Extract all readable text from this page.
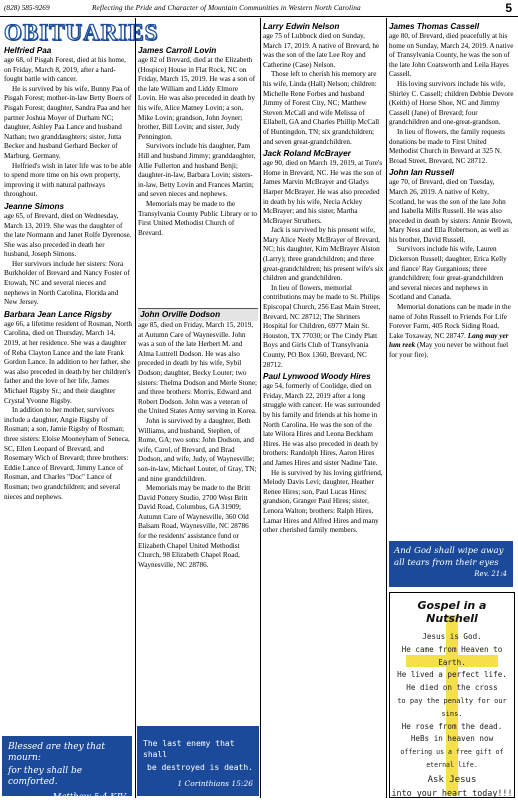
(828) 585-9269	Reflecting the Pride and Character of Mountain Communities in Western North Carolina	5
OBITUARIES
Helfried Paa

age 68, of Pisgah Forest, died at his home, on Friday, March 8, 2019, after a hard-fought battle with cancer.

He is survived by his wife, Bunny Paa of Pisgah Forest; mother-in-law Betty Boers of Pisgah Forest; daughter, Sandra Paa and her partner Joshua Moyer of Durham NC; daughter, Ashley Paa Lance and husband Nathan; two granddaughters; sister, Jutta Becker and husband Gerhard Becker of Marburg, Germany.

Helfried's wish in later life was to be able to spend more time on his own property, improving it with natural pathways throughout.

Jeanne Simons

age 65, of Brevard, died on Wednesday, March 13, 2019. She was the daughter of the late Normann and Janet Rolfe Dyrenose. She was also preceded in death her husband, Joseph Simons.

Her survivors include her sisters: Nora Burkholder of Brevard and Nancy Foster of Etowah, NC and several nieces and nephews in North Carolina, Florida and New Jersey.

Barbara Jean Lance Rigsby

age 66, a lifetime resident of Rosman, North Carolina, died on Thursday, March 14, 2019, at her residence. She was a daughter of Reba Clayton Lance and the late Frank Gordon Lance. In addition to her father, she was also preceded in death by her children's father and the love of her life, James Michael Rigsby Sr.; and their daughter Crystal Yvonne Rigsby.

In addition to her mother, survivors include a daughter, Angie Rigsby of Rosman; a son, Jamie Rigsby of Rosman; three sisters: Eloise Mooneyham of Seneca, SC, Ellen Leopard of Brevard, and Rosemary Wich of Brevard; three brothers: Eddie Lance of Brevard, Jimmy Lance of Rosman, and Charles "Doc" Lance of Rosman; two grandchildren; and several nieces and nephews.

Blessed are they that mourn:
for they shall be comforted.
Matthew 5:4 KJV
James Carroll Lovin

age 82 of Brevard, died at the Elizabeth (Hospice) House in Flat Rock, NC on Friday, March 15, 2019. He was a son of the late William and Liddy Elmore Lovin. He was also preceded in death by his wife, Alice Matney Lovin; a son, Mike Lovin; grandson, John Joyner; brother, Bill Lovin; and sister, Judy Pennington.

Survivors include his daughter, Pam Hill and husband Jimmy; granddaughter, Allie Fullerton and husband Benji; daughter-in-law, Barbara Lovin; sisters-in-law, Betty Lovin and Frances Martin; and seven nieces and nephews.

Memorials may be made to the Transylvania County Public Library or to First United Methodist Church of Brevard.

John Orville Dodson

age 85, died on Friday, March 15, 2019, at Autumn Care of Waynesville. John was a son of the late Herbert M. and Alma Luttrell Dodson. He was also preceded in death by his wife, Sybil Dodson; daughter, Becky Louter; two sisters: Thelma Dodson and Merle Stone; and three brothers: Morris, Edward and Robert Dodson. John was a veteran of the United States Army serving in Korea.

John is survived by a daughter, Beth Williams, and husband, Stephen, of Rome, GA; two sons: John Dodson, and wife, Carol, of Brevard, and Brad Dodson, and wife, Judy, of Waynesville; son-in-law, Michael Louter, of Gray, TN; and nine grandchildren.

Memorials may be made to the Britt David Pottery Studio, 2700 West Britt David Road, Columbus, GA 31909; Autumn Care of Waynesville, 360 Old Balsam Road, Waynesville, NC 28786 for the residents' assistance fund or Elizabeth Chapel United Methodist Church, 98 Elizabeth Chapel Road, Waynesville, NC 28786.

The last enemy that shall
be destroyed is death.
1 Corinthians 15:26
Larry Edwin Nelson

age 75 of Lubbock died on Sunday, March 17, 2019. A native of Brevard, he was the son of the late Lee Roy and Catherine (Case) Nelson.

Those left to cherish his memory are his wife, Linda (Hall) Nelson; children: Michelle Rene Forbes and husband Jimmy of Forest City, NC; Matthew Steven McCall and wife Melissa of Ellabell, GA and Charles Phillip McCall of Huntingdon, TN; six grandchildren; and seven great-grandchildren.

Jack Roland McBrayer

age 90, died on March 19, 2019, at Tore's Home in Brevard, NC. He was the son of James Marvin McBrayer and Gladys Harper McBrayer. He was also preceded in death by his wife, Necia Ackley McBrayer; and his sister, Martha McBrayer Struthers.

Jack is survived by his present wife, Mary Alice Neely McBrayer of Brevard, NC; his daughter, Kim McBrayer Alston (Larry); three grandchildren; and three great-grandchildren; his present wife's six children and grandchildren.

In lieu of flowers, memorial contributions may be made to St. Philips Episcopal Church, 256 East Main Street, Brevard, NC 28712; The Shriners Hospital for Children, 6977 Main St. Houston, TX 77030; or The Cindy Platt Boys and Girls Club of Transylvania County, PO Box 1360, Brevard, NC 28712.

Paul Lynwood Woody Hires

age 54, formerly of Coolidge, died on Friday, March 22, 2019 after a long struggle with cancer. He was surrounded by his family and friends at his home in North Carolina. He was the son of the late Wilora Hires and Leona Beckham Hires. He was also preceded in death by brothers: Randolph Hires, Aaron Hires and James Hires and sister Nadine Tate.

He is survived by his loving girlfriend, Melody Davis Levi; daughter, Heather Renee Hires; son, Paul Lucas Hires; grandson, Granger Paul Hires; sister, Lenora Walton; brothers: Ralph Hires, Lamar Hires and Alfred Hires and many other cherished family members.

James Thomas Cassell

age 80, of Brevard, died peacefully at his home on Sunday, March 24, 2019. A native of Transylvania County, he was the son of the late John Coatsworth and Leila Hayes Cassell.

His loving survivors include his wife, Shirley C. Cassell; children Debbie Devore (Keith) of Horse Shoe, NC and Jimmy Cassell (Jane) of Brevard; four grandchildren and one-great-grandson.

In lieu of flowers, the family requests donations be made to First United Methodist Church in Brevard at 325 N. Broad Street, Brevard, NC 28712.

John Ian Russell

age 70, of Brevard, died on Tuesday, March 26, 2019. A native of Kelty, Scotland, he was the son of the late John and Isabella Mills Russell. He was also preceded in death by sisters: Annie Brown, Mary Ness and Ella Robertson, as well as his brother, David Russell.

Survivors include his wife, Lauren Dickerson Russell; daughter, Erica Kelly and fiance' Ray Gurganious; three grandchildren; four great-grandchildren and several nieces and nephews in Scotland and Canada.

Memorial donations can be made in the name of John Russell to Friends For Life Forever Farm, 405 Rock Siding Road, Lake Toxaway, NC 28747. Lang may yer lum reek (May you never be without fuel for your fire).

And God shall wipe away
all tears from their eyes
Rev. 21:4
Gospel in a Nutshell
Jesus is God.
He came from Heaven to Earth.
He lived a perfect life.
He died on the cross
to pay the penalty for our sins.
He rose from the dead.
HeBs in heaven now
offering us a free gift of eternal life.
Ask Jesus
into your heart today!!!
